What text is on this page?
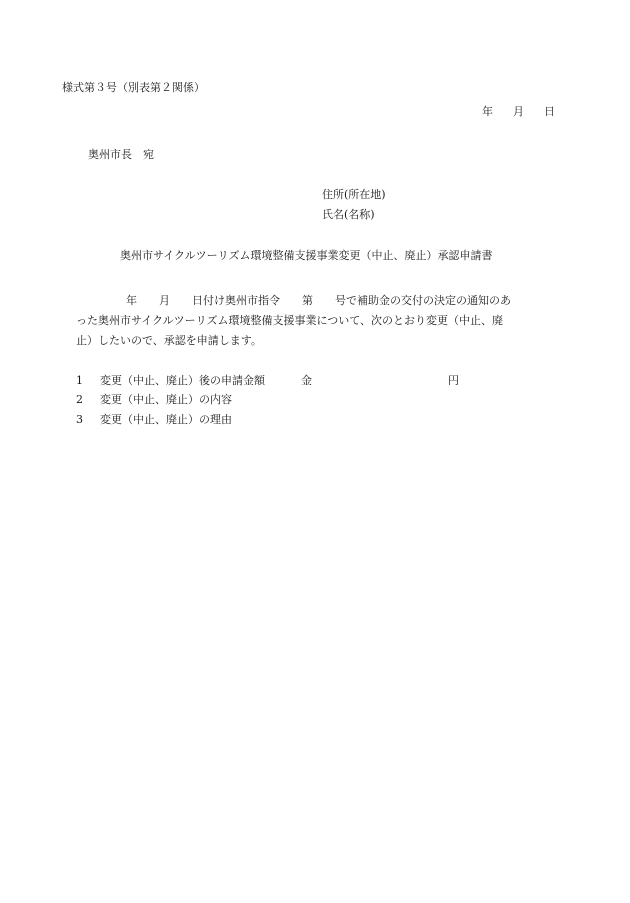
様式第３号（別表第２関係）
年 月 日
奥州市長　宛
住所(所在地)
氏名(名称)
奥州市サイクルツーリズム環境整備支援事業変更（中止、廃止）承認申請書
年　　月　　日付け奥州市指令　　第　　号で補助金の交付の決定の通知のあ
った奥州市サイクルツーリズム環境整備支援事業について、次のとおり変更（中止、廃
止）したいので、承認を申請します。
1 変更（中止、廃止）後の申請金額	金	円
2 変更（中止、廃止）の内容
3 変更（中止、廃止）の理由
